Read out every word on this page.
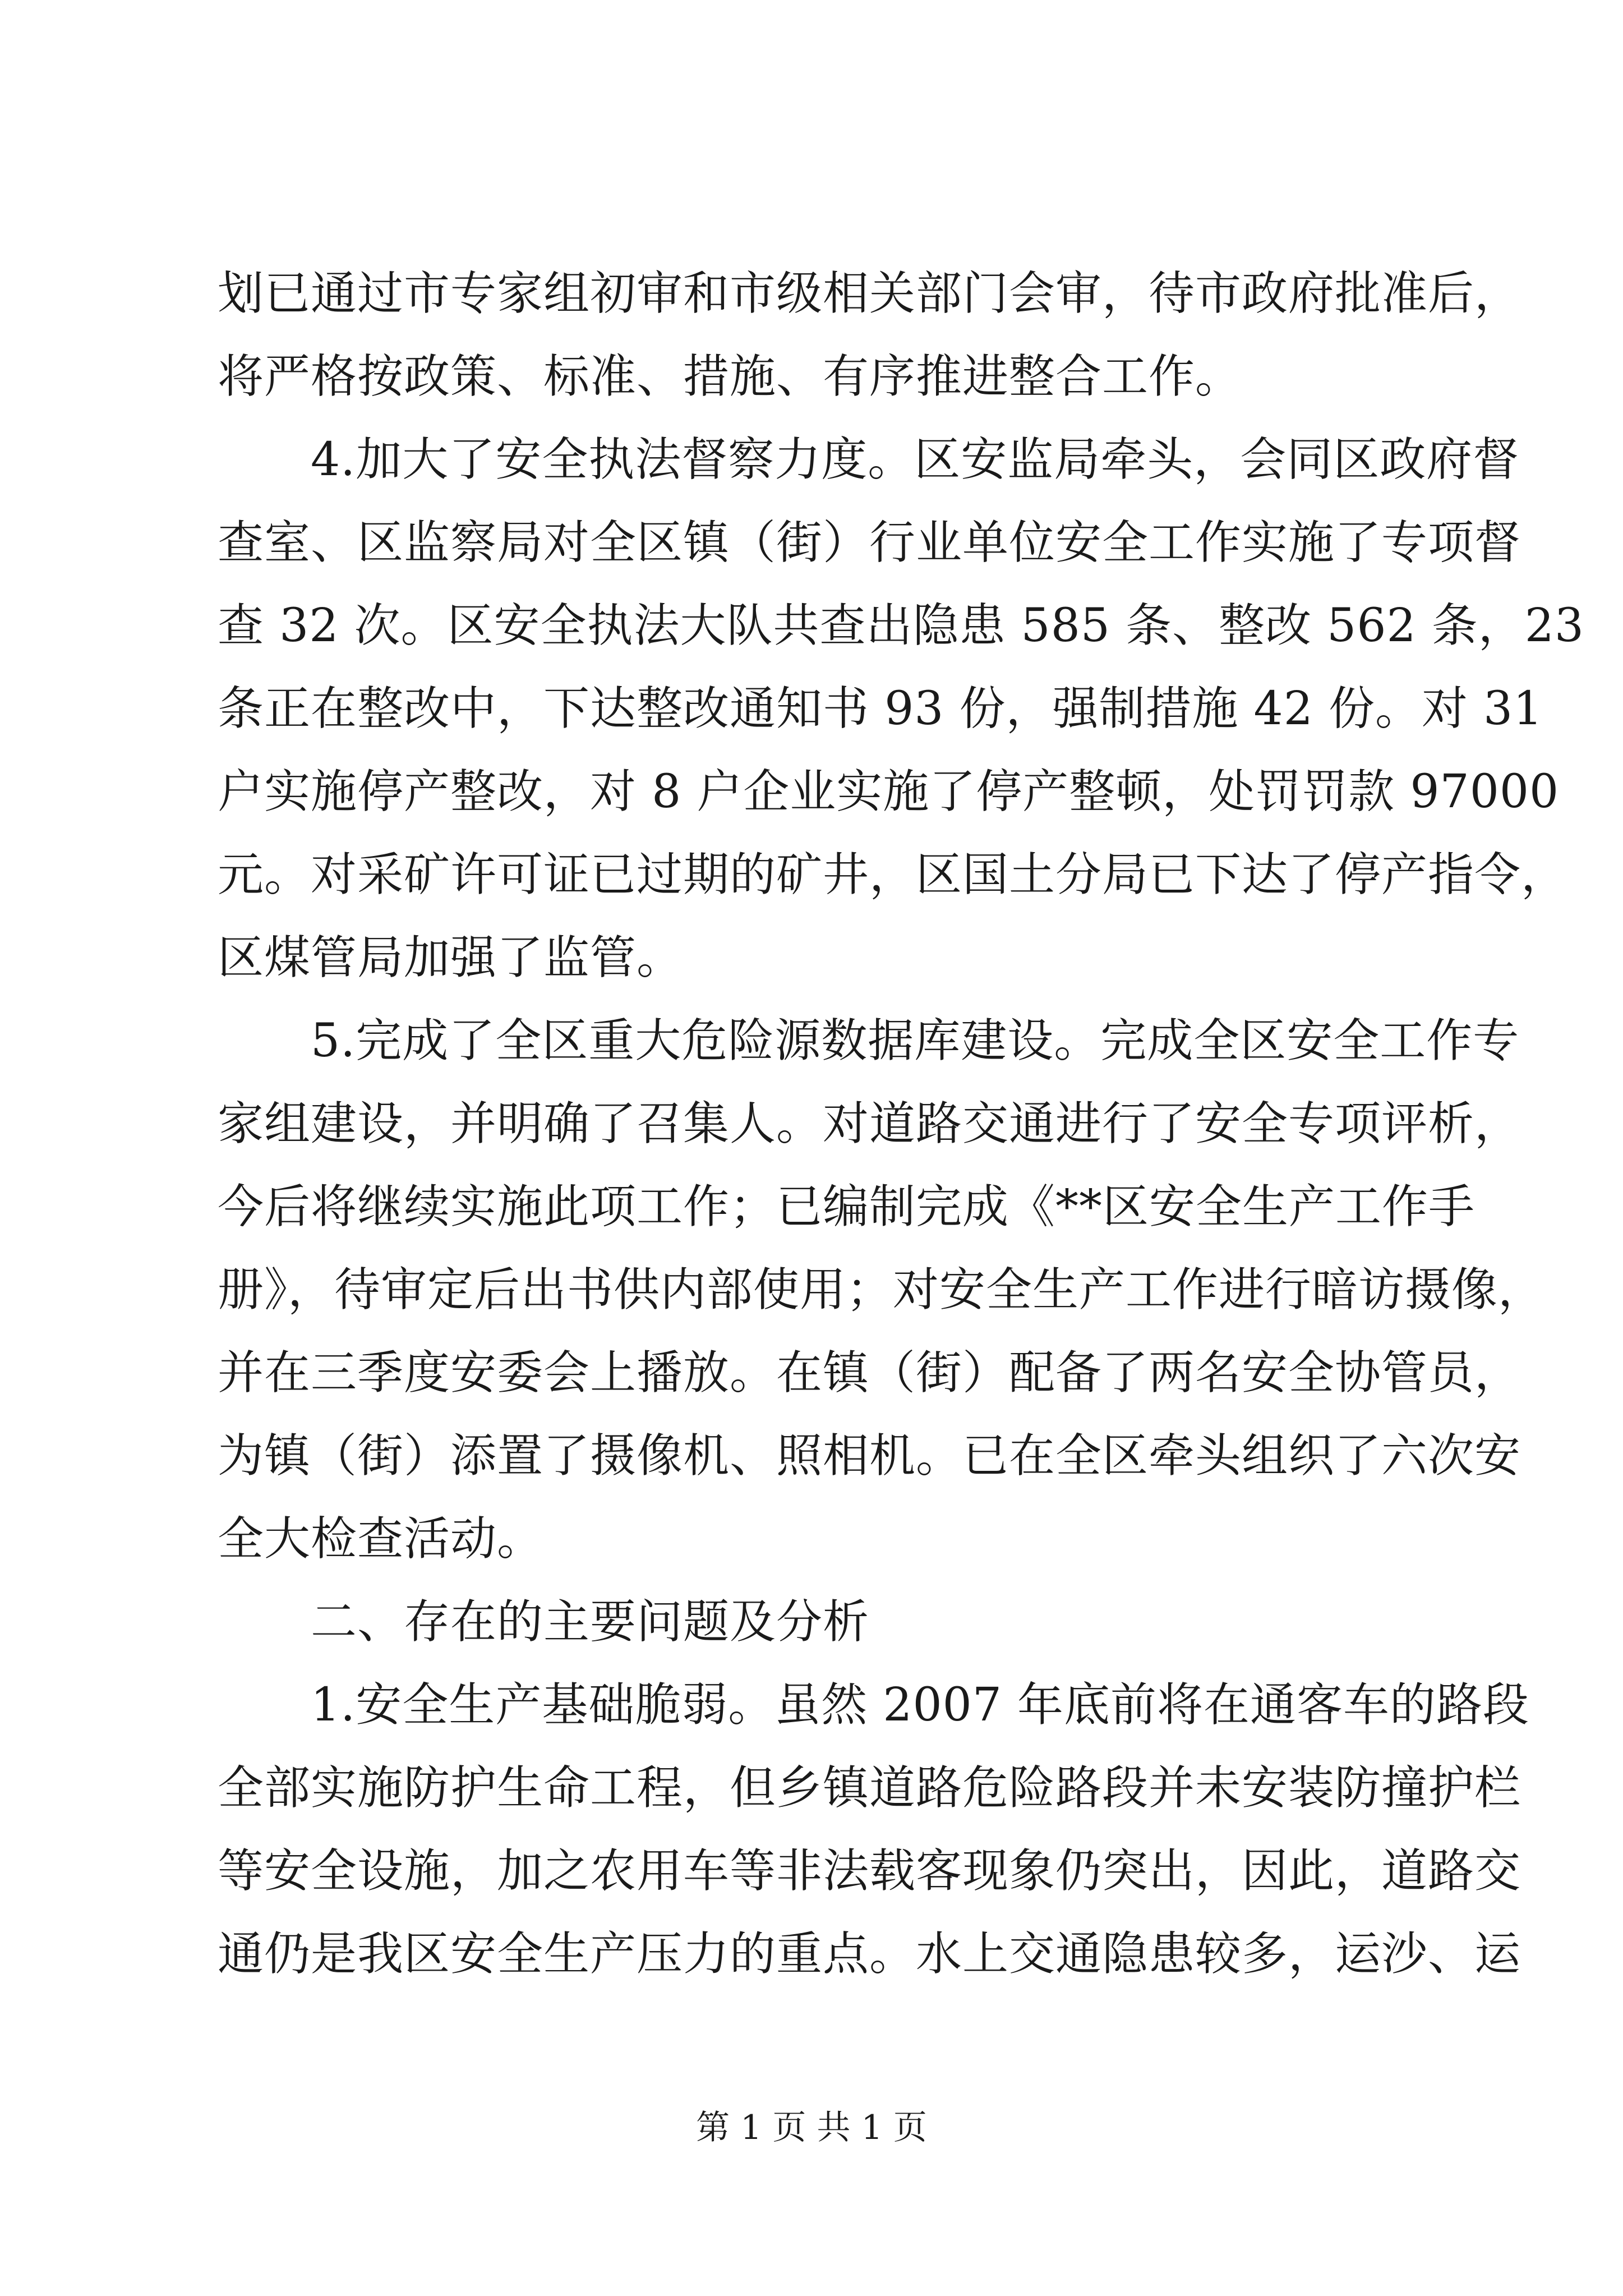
划已通过市专家组初审和市级相关部门会审，待市政府批准后，
将严格按政策、标准、措施、有序推进整合工作。
4.加大了安全执法督察力度。区安监局牵头，会同区政府督
查室、区监察局对全区镇（街）行业单位安全工作实施了专项督
查 32 次。区安全执法大队共查出隐患 585 条、整改 562 条，23
条正在整改中，下达整改通知书 93 份，强制措施 42 份。对 31
户实施停产整改，对 8 户企业实施了停产整顿，处罚罚款 97000
元。对采矿许可证已过期的矿井，区国土分局已下达了停产指令，
区煤管局加强了监管。
5.完成了全区重大危险源数据库建设。完成全区安全工作专
家组建设，并明确了召集人。对道路交通进行了安全专项评析，
今后将继续实施此项工作；已编制完成《**区安全生产工作手
册》，待审定后出书供内部使用；对安全生产工作进行暗访摄像，
并在三季度安委会上播放。在镇（街）配备了两名安全协管员，
为镇（街）添置了摄像机、照相机。已在全区牵头组织了六次安
全大检查活动。
二、存在的主要问题及分析
1.安全生产基础脆弱。虽然 2007 年底前将在通客车的路段
全部实施防护生命工程，但乡镇道路危险路段并未安装防撞护栏
等安全设施，加之农用车等非法载客现象仍突出，因此，道路交
通仍是我区安全生产压力的重点。水上交通隐患较多，运沙、运
第 1 页 共 1 页
